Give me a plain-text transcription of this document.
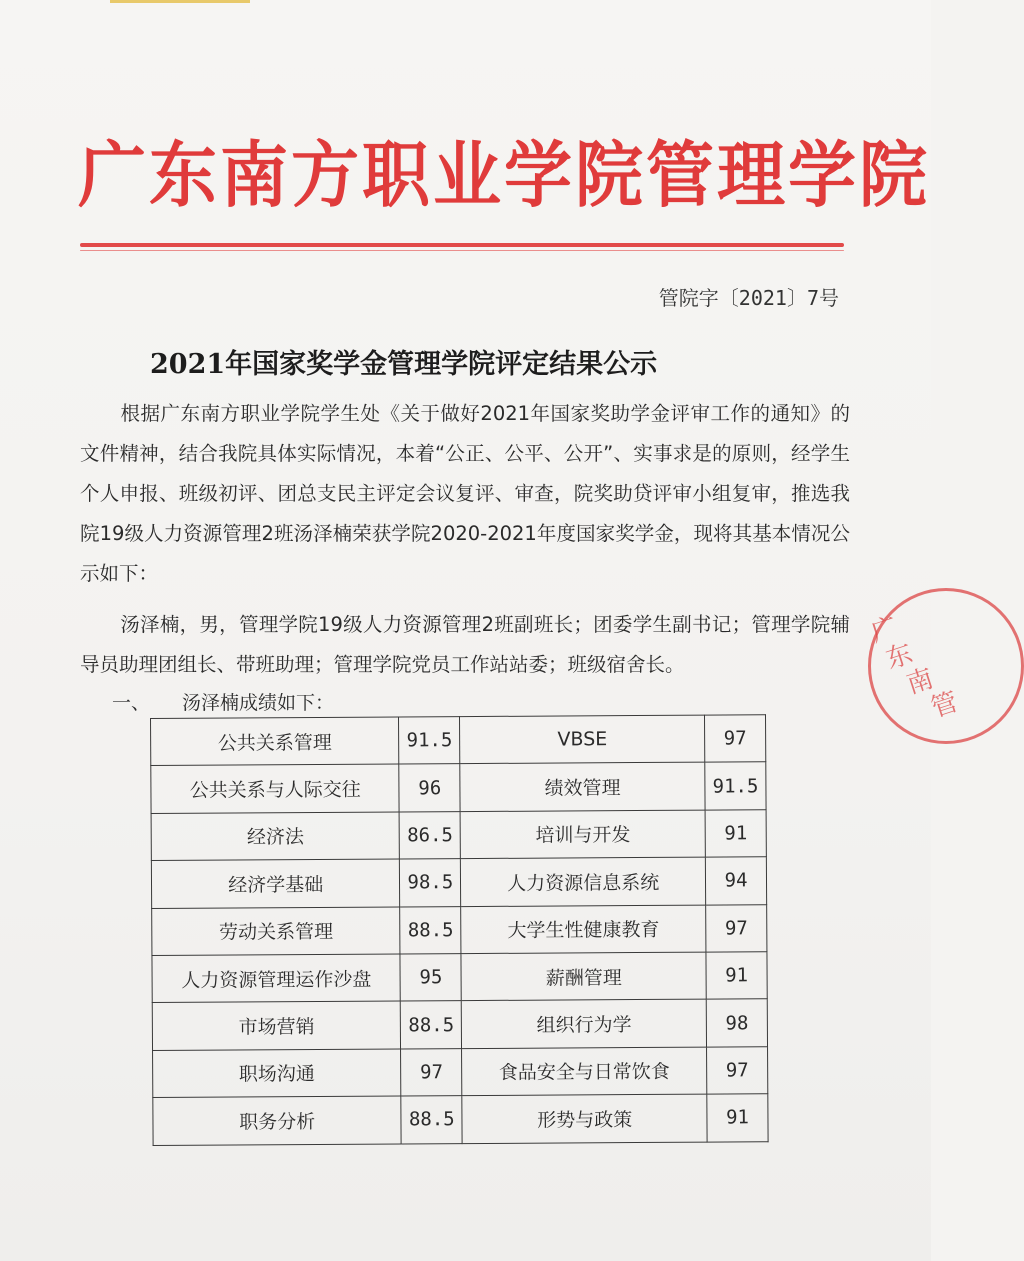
广东南方职业学院管理学院
管院字〔2021〕7号
2021年国家奖学金管理学院评定结果公示
根据广东南方职业学院学生处《关于做好2021年国家奖助学金评审工作的通知》的文件精神，结合我院具体实际情况，本着“公正、公平、公开”、实事求是的原则，经学生个人申报、班级初评、团总支民主评定会议复评、审查，院奖助贷评审小组复审，推选我院19级人力资源管理2班汤泽楠荣获学院2020-2021年度国家奖学金，现将其基本情况公示如下：
汤泽楠，男，管理学院19级人力资源管理2班副班长；团委学生副书记；管理学院辅导员助理团组长、带班助理；管理学院党员工作站站委；班级宿舍长。
一、 汤泽楠成绩如下：
公共关系管理	91.5	VBSE	97
公共关系与人际交往	96	绩效管理	91.5
经济法	86.5	培训与开发	91
经济学基础	98.5	人力资源信息系统	94
劳动关系管理	88.5	大学生性健康教育	97
人力资源管理运作沙盘	95	薪酬管理	91
市场营销	88.5	组织行为学	98
职场沟通	97	食品安全与日常饮食	97
职务分析	88.5	形势与政策	91
广
东
南
管
